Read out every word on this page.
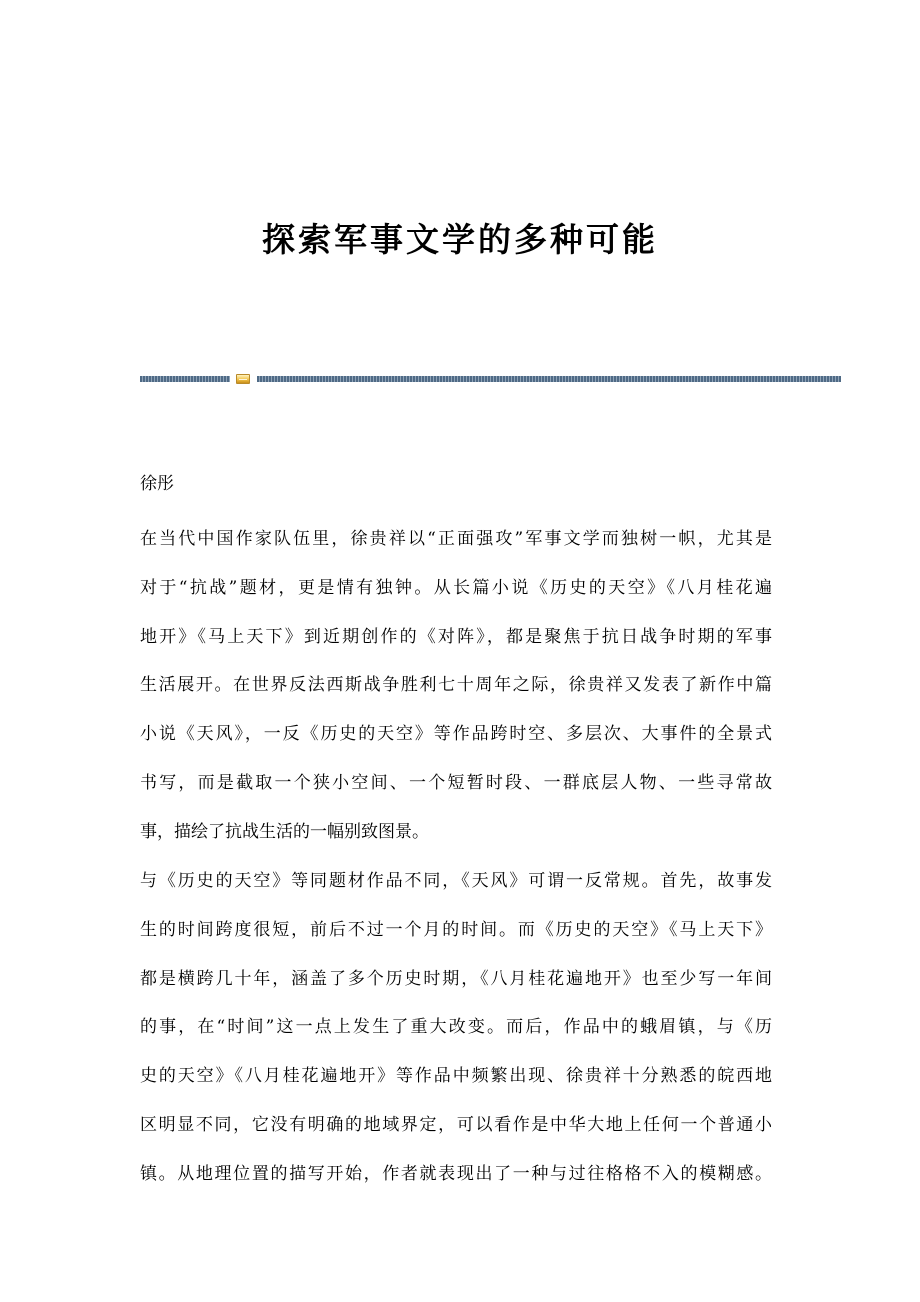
探索军事文学的多种可能

徐彤

在当代中国作家队伍里，徐贵祥以“正面强攻”军事文学而独树一帜，尤其是
对于“抗战”题材，更是情有独钟。从长篇小说《历史的天空》《八月桂花遍
地开》《马上天下》到近期创作的《对阵》，都是聚焦于抗日战争时期的军事
生活展开。在世界反法西斯战争胜利七十周年之际，徐贵祥又发表了新作中篇
小说《天风》，一反《历史的天空》等作品跨时空、多层次、大事件的全景式
书写，而是截取一个狭小空间、一个短暂时段、一群底层人物、一些寻常故
事，描绘了抗战生活的一幅别致图景。
与《历史的天空》等同题材作品不同，《天风》可谓一反常规。首先，故事发
生的时间跨度很短，前后不过一个月的时间。而《历史的天空》《马上天下》
都是横跨几十年，涵盖了多个历史时期，《八月桂花遍地开》也至少写一年间
的事，在“时间”这一点上发生了重大改变。而后，作品中的蛾眉镇，与《历
史的天空》《八月桂花遍地开》等作品中频繁出现、徐贵祥十分熟悉的皖西地
区明显不同，它没有明确的地域界定，可以看作是中华大地上任何一个普通小
镇。从地理位置的描写开始，作者就表现出了一种与过往格格不入的模糊感。
